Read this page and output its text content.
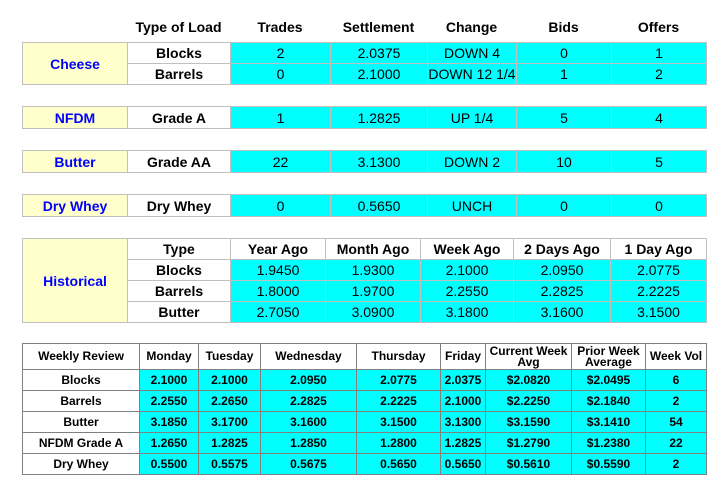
	Type of Load	Trades	Settlement	Change	Bids	Offers
Cheese	Blocks	2	2.0375	DOWN 4	0	1
	Barrels	0	2.1000	DOWN 12 1/4	1	2
NFDM	Grade A	1	1.2825	UP 1/4	5	4
Butter	Grade AA	22	3.1300	DOWN 2	10	5
Dry Whey	Dry Whey	0	0.5650	UNCH	0	0
Historical	Type	Year Ago	Month Ago	Week Ago	2 Days Ago	1 Day Ago
	Blocks	1.9450	1.9300	2.1000	2.0950	2.0775
	Barrels	1.8000	1.9700	2.2550	2.2825	2.2225
	Butter	2.7050	3.0900	3.1800	3.1600	3.1500
Weekly Review	Monday	Tuesday	Wednesday	Thursday	Friday	Current Week Avg	Prior Week Average	Week Vol
Blocks	2.1000	2.1000	2.0950	2.0775	2.0375	$2.0820	$2.0495	6
Barrels	2.2550	2.2650	2.2825	2.2225	2.1000	$2.2250	$2.1840	2
Butter	3.1850	3.1700	3.1600	3.1500	3.1300	$3.1590	$3.1410	54
NFDM Grade A	1.2650	1.2825	1.2850	1.2800	1.2825	$1.2790	$1.2380	22
Dry Whey	0.5500	0.5575	0.5675	0.5650	0.5650	$0.5610	$0.5590	2
